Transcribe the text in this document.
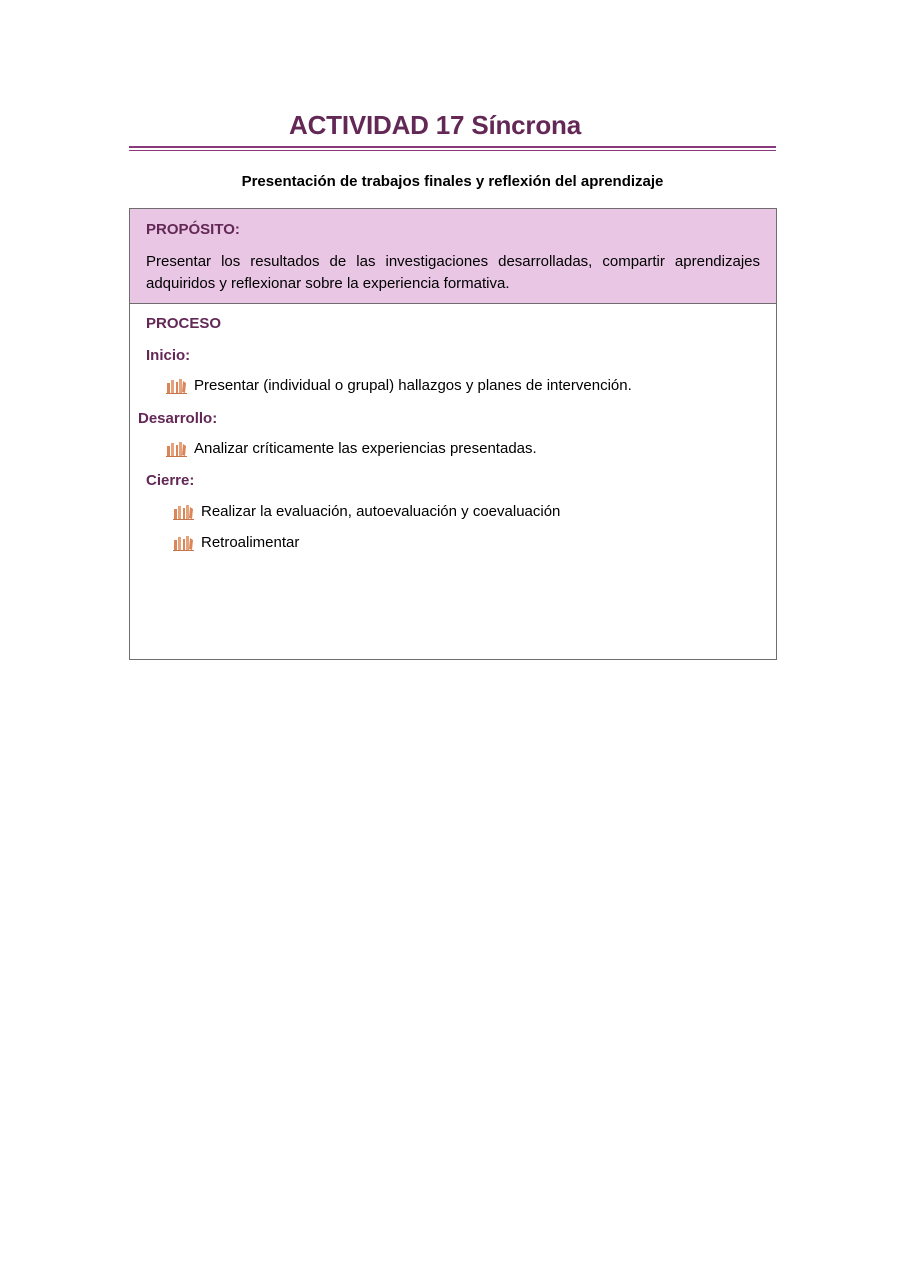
ACTIVIDAD 17 Síncrona
Presentación de trabajos finales y reflexión del aprendizaje
PROPÓSITO:
Presentar los resultados de las investigaciones desarrolladas, compartir aprendizajes adquiridos y reflexionar sobre la experiencia formativa.
PROCESO
Inicio:
Presentar (individual o grupal) hallazgos y planes de intervención.
Desarrollo:
Analizar críticamente las experiencias presentadas.
Cierre:
Realizar la evaluación, autoevaluación y coevaluación
Retroalimentar
